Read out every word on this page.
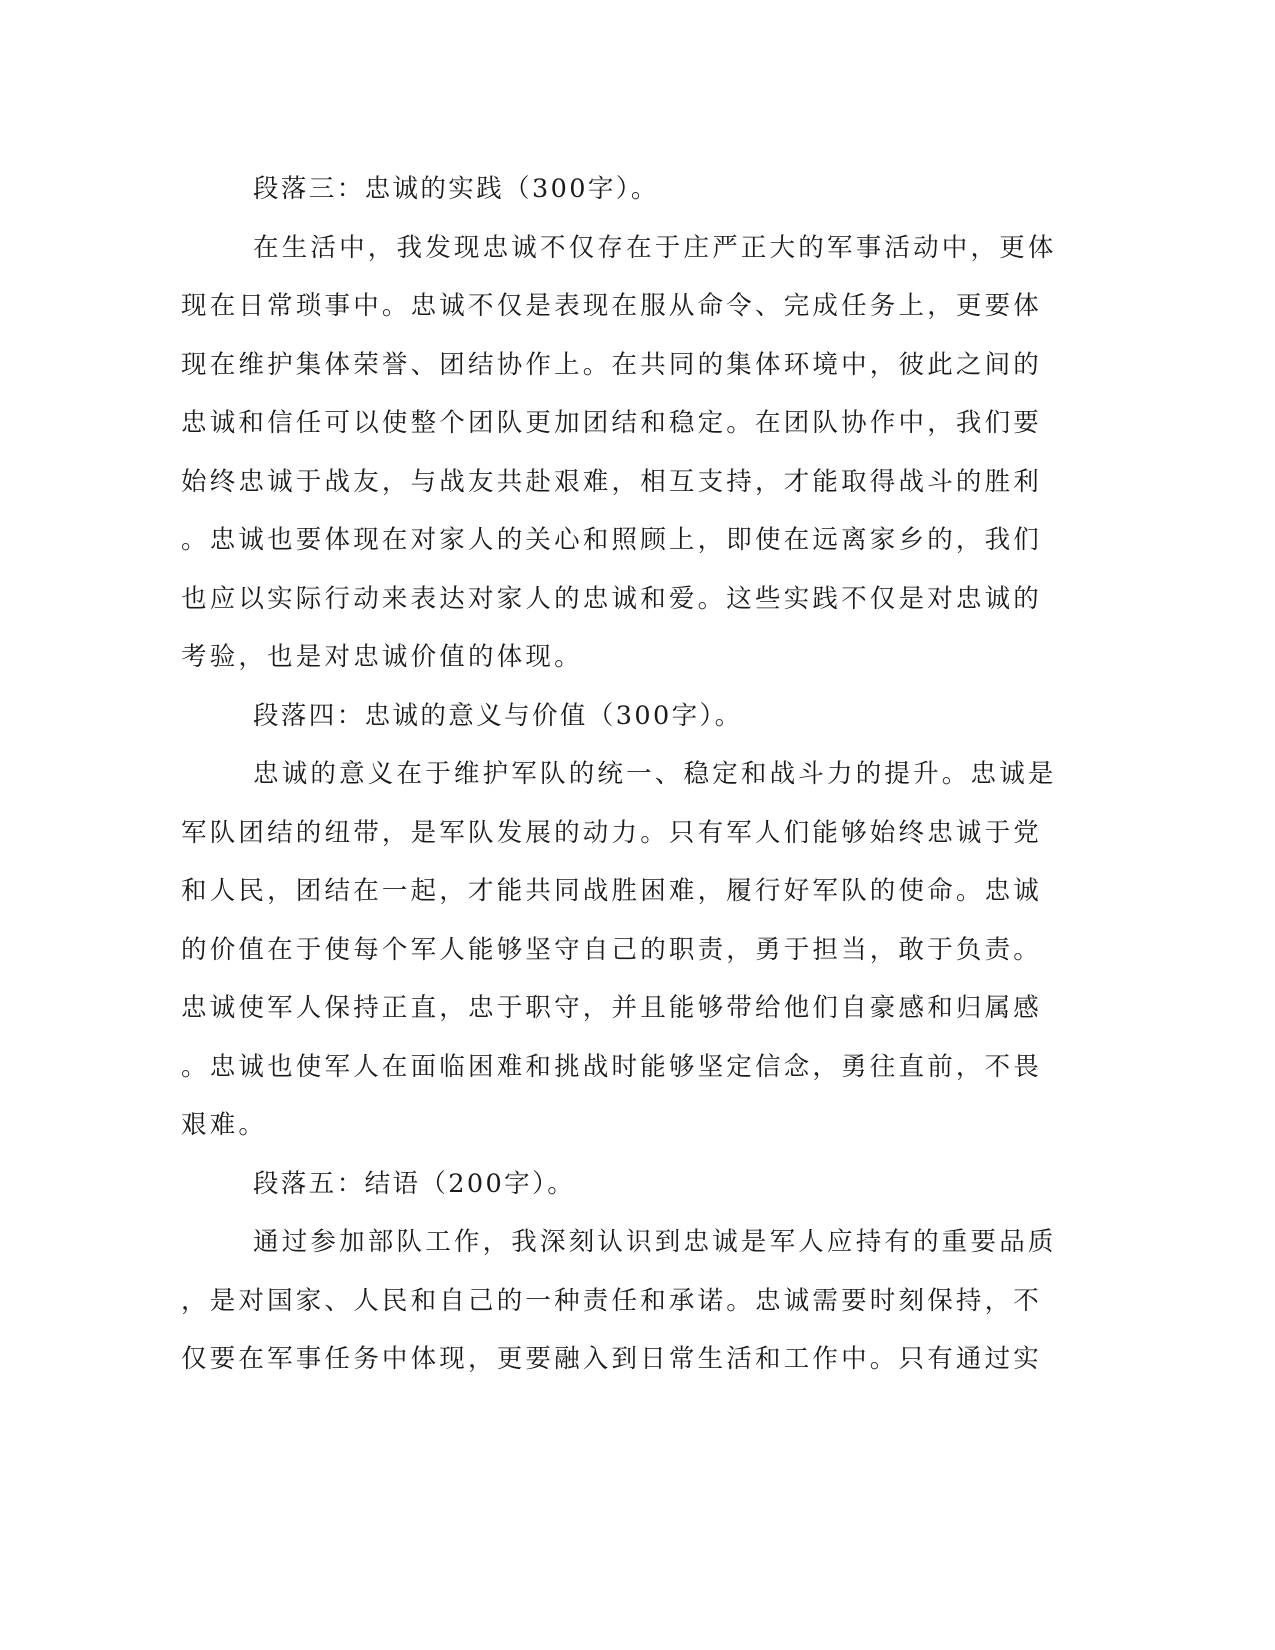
段落三：忠诚的实践（300字）。
在生活中，我发现忠诚不仅存在于庄严正大的军事活动中，更体
现在日常琐事中。忠诚不仅是表现在服从命令、完成任务上，更要体
现在维护集体荣誉、团结协作上。在共同的集体环境中，彼此之间的
忠诚和信任可以使整个团队更加团结和稳定。在团队协作中，我们要
始终忠诚于战友，与战友共赴艰难，相互支持，才能取得战斗的胜利
。忠诚也要体现在对家人的关心和照顾上，即使在远离家乡的，我们
也应以实际行动来表达对家人的忠诚和爱。这些实践不仅是对忠诚的
考验，也是对忠诚价值的体现。
段落四：忠诚的意义与价值（300字）。
忠诚的意义在于维护军队的统一、稳定和战斗力的提升。忠诚是
军队团结的纽带，是军队发展的动力。只有军人们能够始终忠诚于党
和人民，团结在一起，才能共同战胜困难，履行好军队的使命。忠诚
的价值在于使每个军人能够坚守自己的职责，勇于担当，敢于负责。
忠诚使军人保持正直，忠于职守，并且能够带给他们自豪感和归属感
。忠诚也使军人在面临困难和挑战时能够坚定信念，勇往直前，不畏
艰难。
段落五：结语（200字）。
通过参加部队工作，我深刻认识到忠诚是军人应持有的重要品质
，是对国家、人民和自己的一种责任和承诺。忠诚需要时刻保持，不
仅要在军事任务中体现，更要融入到日常生活和工作中。只有通过实
